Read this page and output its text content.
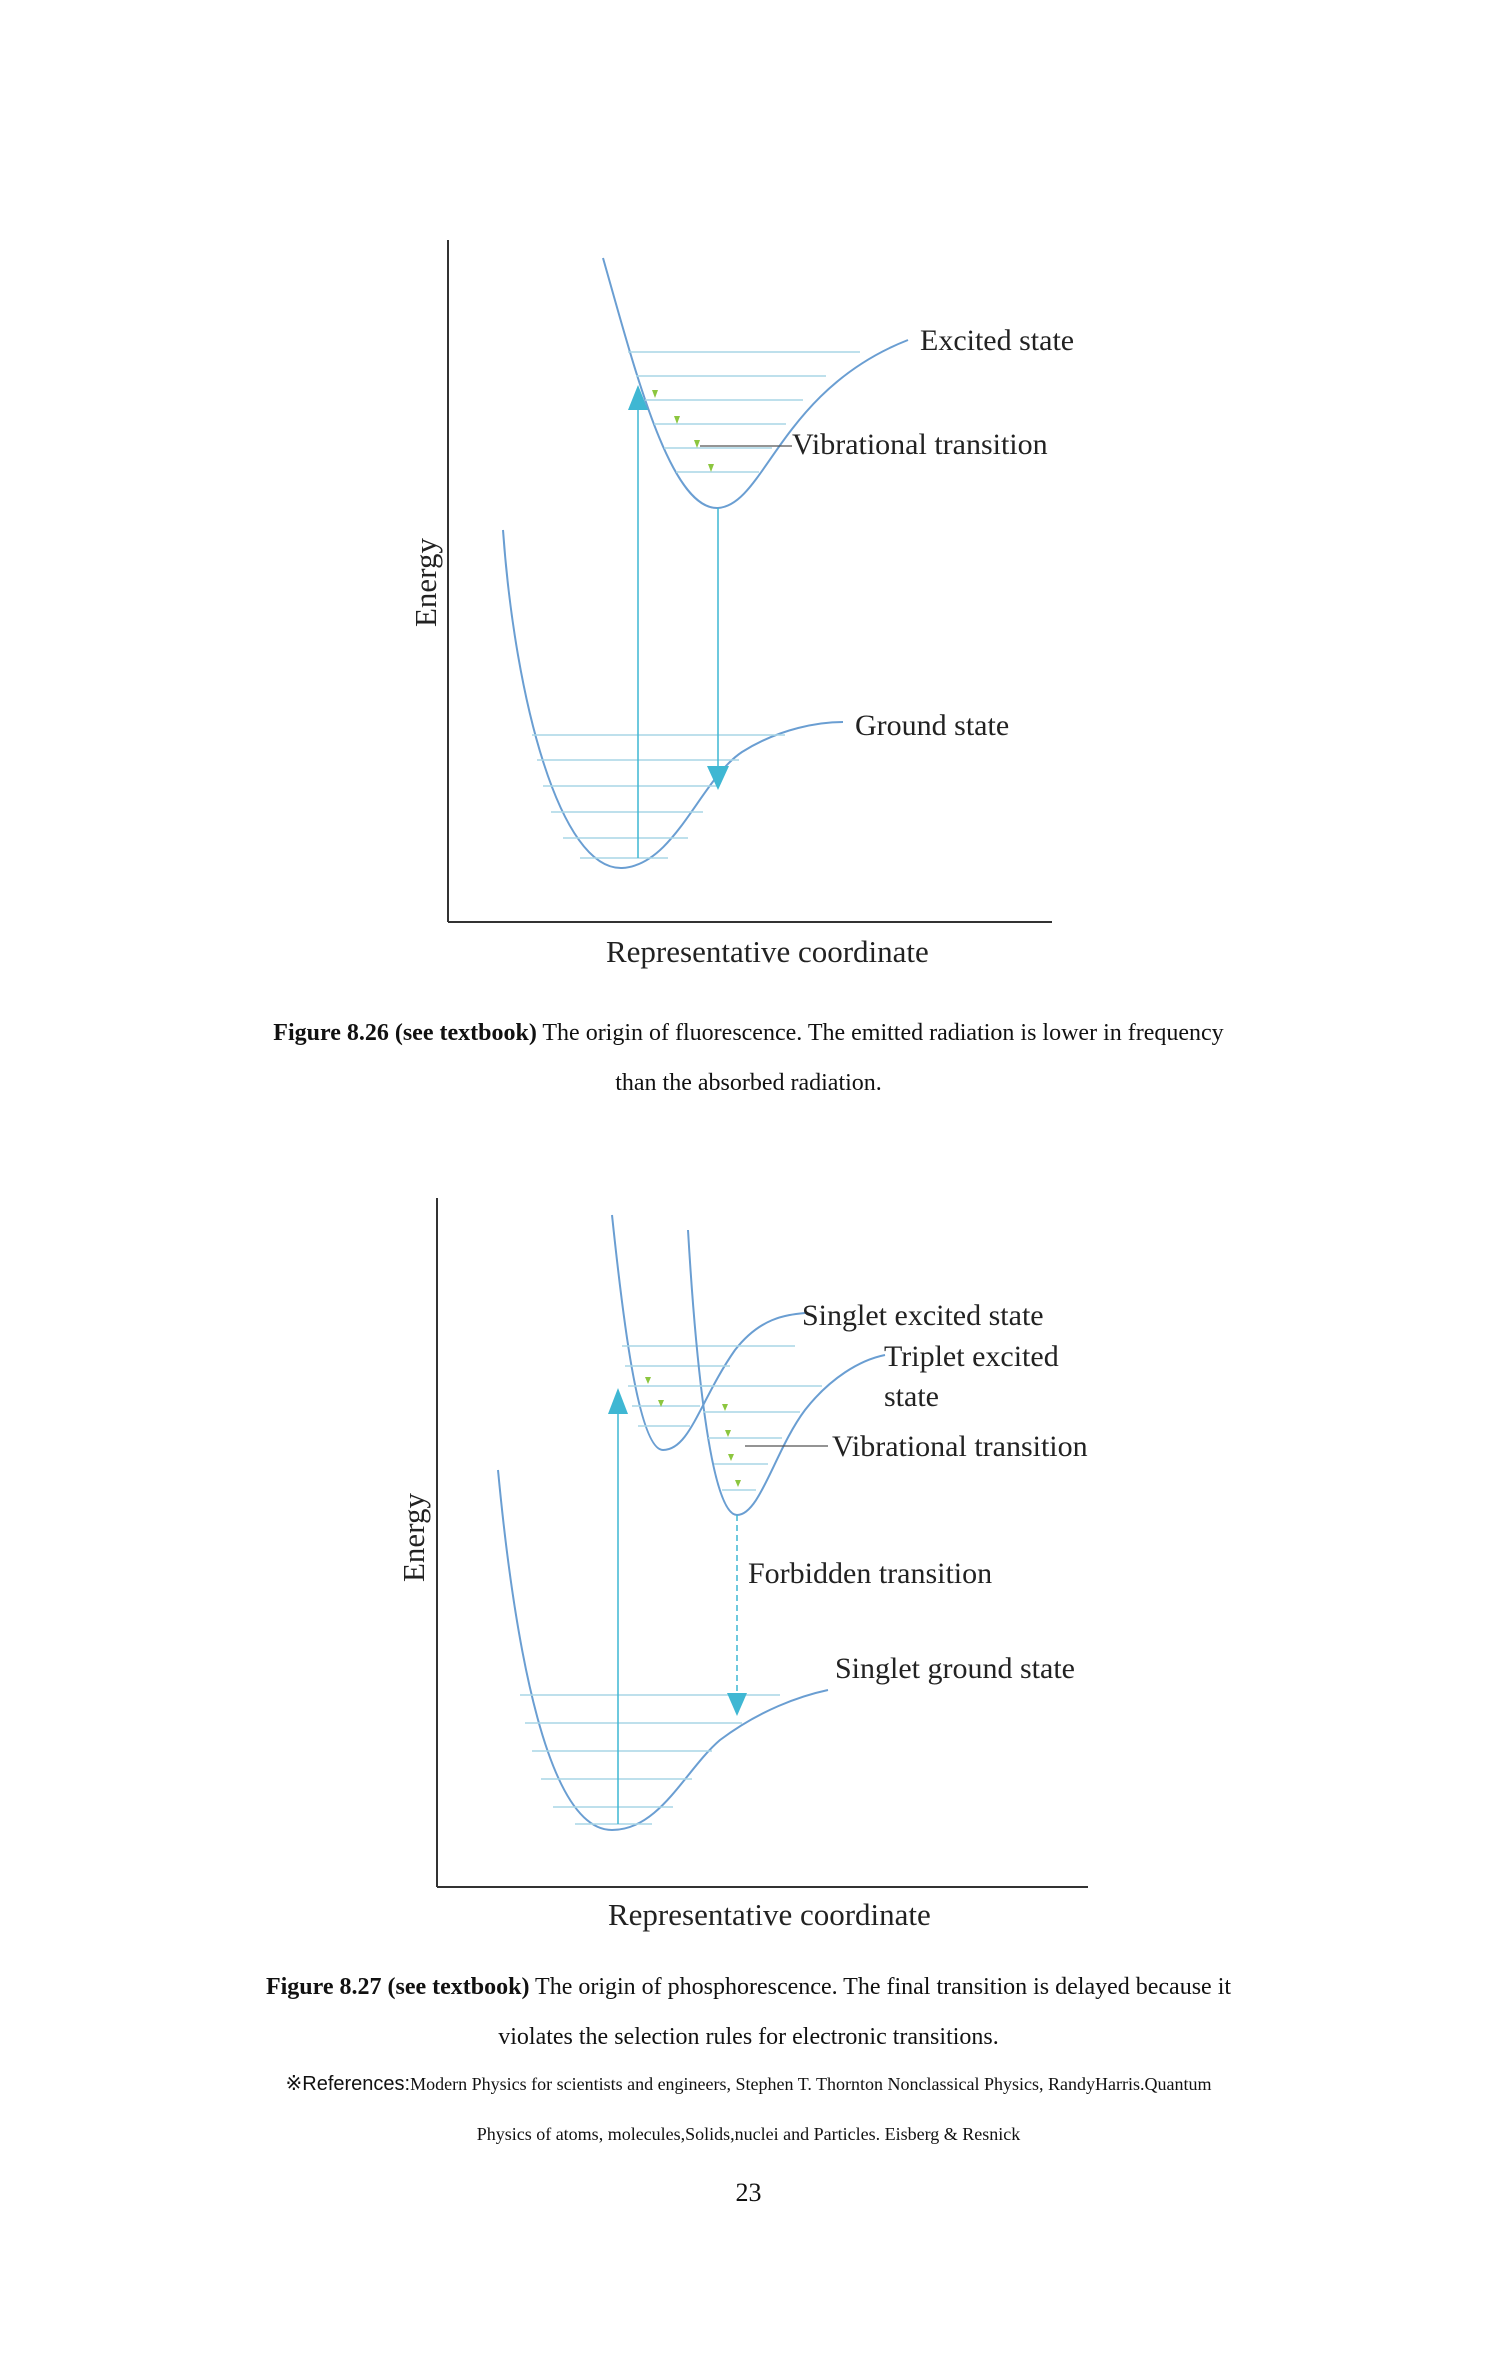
Excited state
Vibrational transition
Ground state
Energy
Representative coordinate
Figure 8.26 (see textbook) The origin of fluorescence. The emitted radiation is lower in frequency
than the absorbed radiation.
Singlet excited state
Triplet excited
state
Vibrational transition
Forbidden transition
Singlet ground state
Energy
Representative coordinate
Figure 8.27 (see textbook) The origin of phosphorescence. The final transition is delayed because it
violates the selection rules for electronic transitions.
※References:Modern Physics for scientists and engineers, Stephen T. Thornton Nonclassical Physics, RandyHarris.Quantum
Physics of atoms, molecules,Solids,nuclei and Particles. Eisberg & Resnick
23
